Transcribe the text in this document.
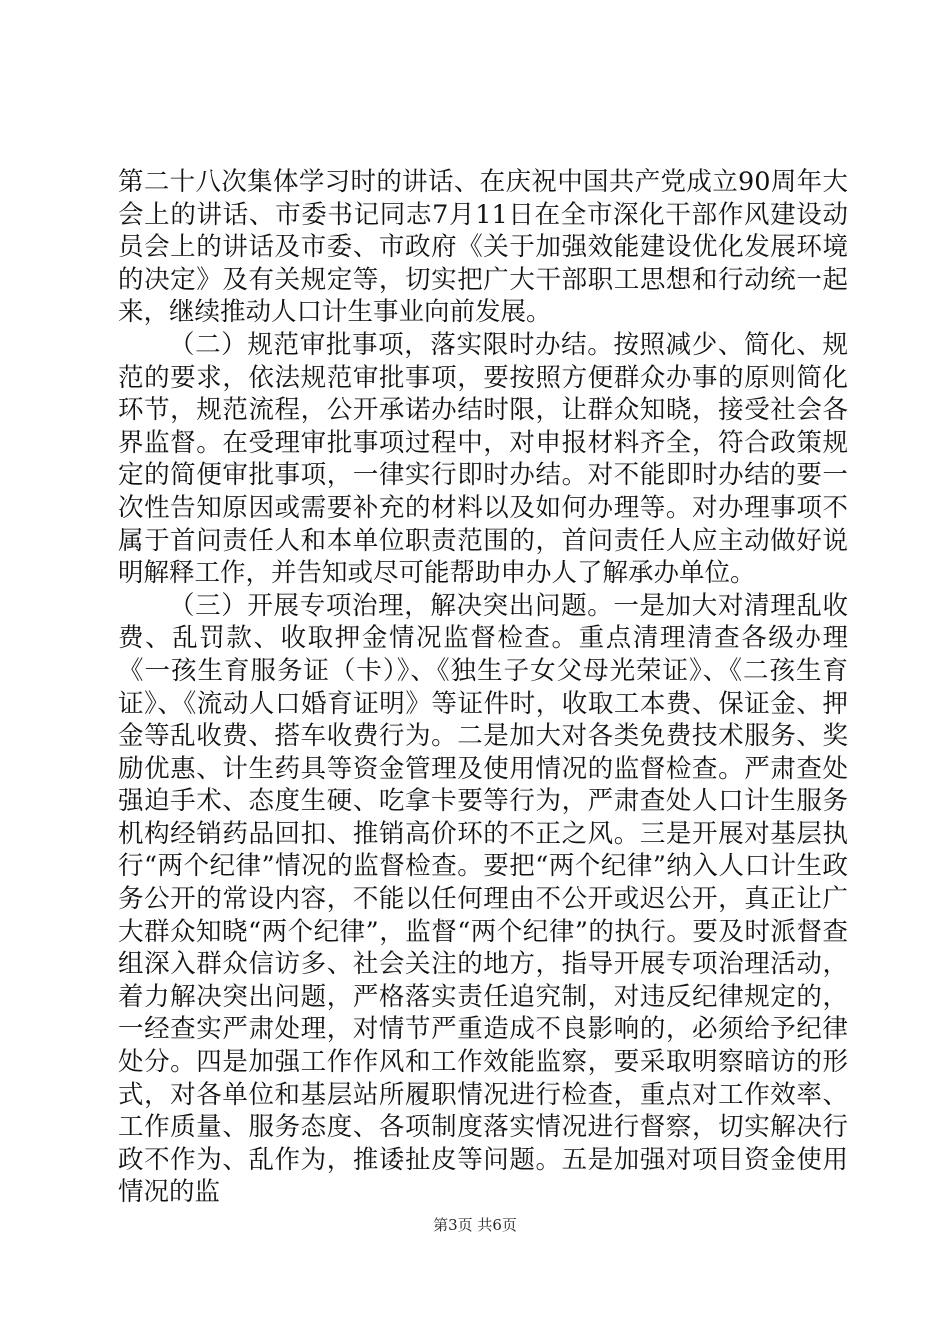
第二十八次集体学习时的讲话、在庆祝中国共产党成立90周年大会上的讲话、市委书记同志7月11日在全市深化干部作风建设动员会上的讲话及市委、市政府《关于加强效能建设优化发展环境的决定》及有关规定等，切实把广大干部职工思想和行动统一起来，继续推动人口计生事业向前发展。

（二）规范审批事项，落实限时办结。按照减少、简化、规范的要求，依法规范审批事项，要按照方便群众办事的原则简化环节，规范流程，公开承诺办结时限，让群众知晓，接受社会各界监督。在受理审批事项过程中，对申报材料齐全，符合政策规定的简便审批事项，一律实行即时办结。对不能即时办结的要一次性告知原因或需要补充的材料以及如何办理等。对办理事项不属于首问责任人和本单位职责范围的，首问责任人应主动做好说明解释工作，并告知或尽可能帮助申办人了解承办单位。

（三）开展专项治理，解决突出问题。一是加大对清理乱收费、乱罚款、收取押金情况监督检查。重点清理清查各级办理《一孩生育服务证（卡）》、《独生子女父母光荣证》、《二孩生育证》、《流动人口婚育证明》等证件时，收取工本费、保证金、押金等乱收费、搭车收费行为。二是加大对各类免费技术服务、奖励优惠、计生药具等资金管理及使用情况的监督检查。严肃查处强迫手术、态度生硬、吃拿卡要等行为，严肃查处人口计生服务机构经销药品回扣、推销高价环的不正之风。三是开展对基层执行“两个纪律”情况的监督检查。要把“两个纪律”纳入人口计生政务公开的常设内容，不能以任何理由不公开或迟公开，真正让广大群众知晓“两个纪律”，监督“两个纪律”的执行。要及时派督查组深入群众信访多、社会关注的地方，指导开展专项治理活动，着力解决突出问题，严格落实责任追究制，对违反纪律规定的，一经查实严肃处理，对情节严重造成不良影响的，必须给予纪律处分。四是加强工作作风和工作效能监察，要采取明察暗访的形式，对各单位和基层站所履职情况进行检查，重点对工作效率、工作质量、服务态度、各项制度落实情况进行督察，切实解决行政不作为、乱作为，推诿扯皮等问题。五是加强对项目资金使用情况的监

第3页 共6页
